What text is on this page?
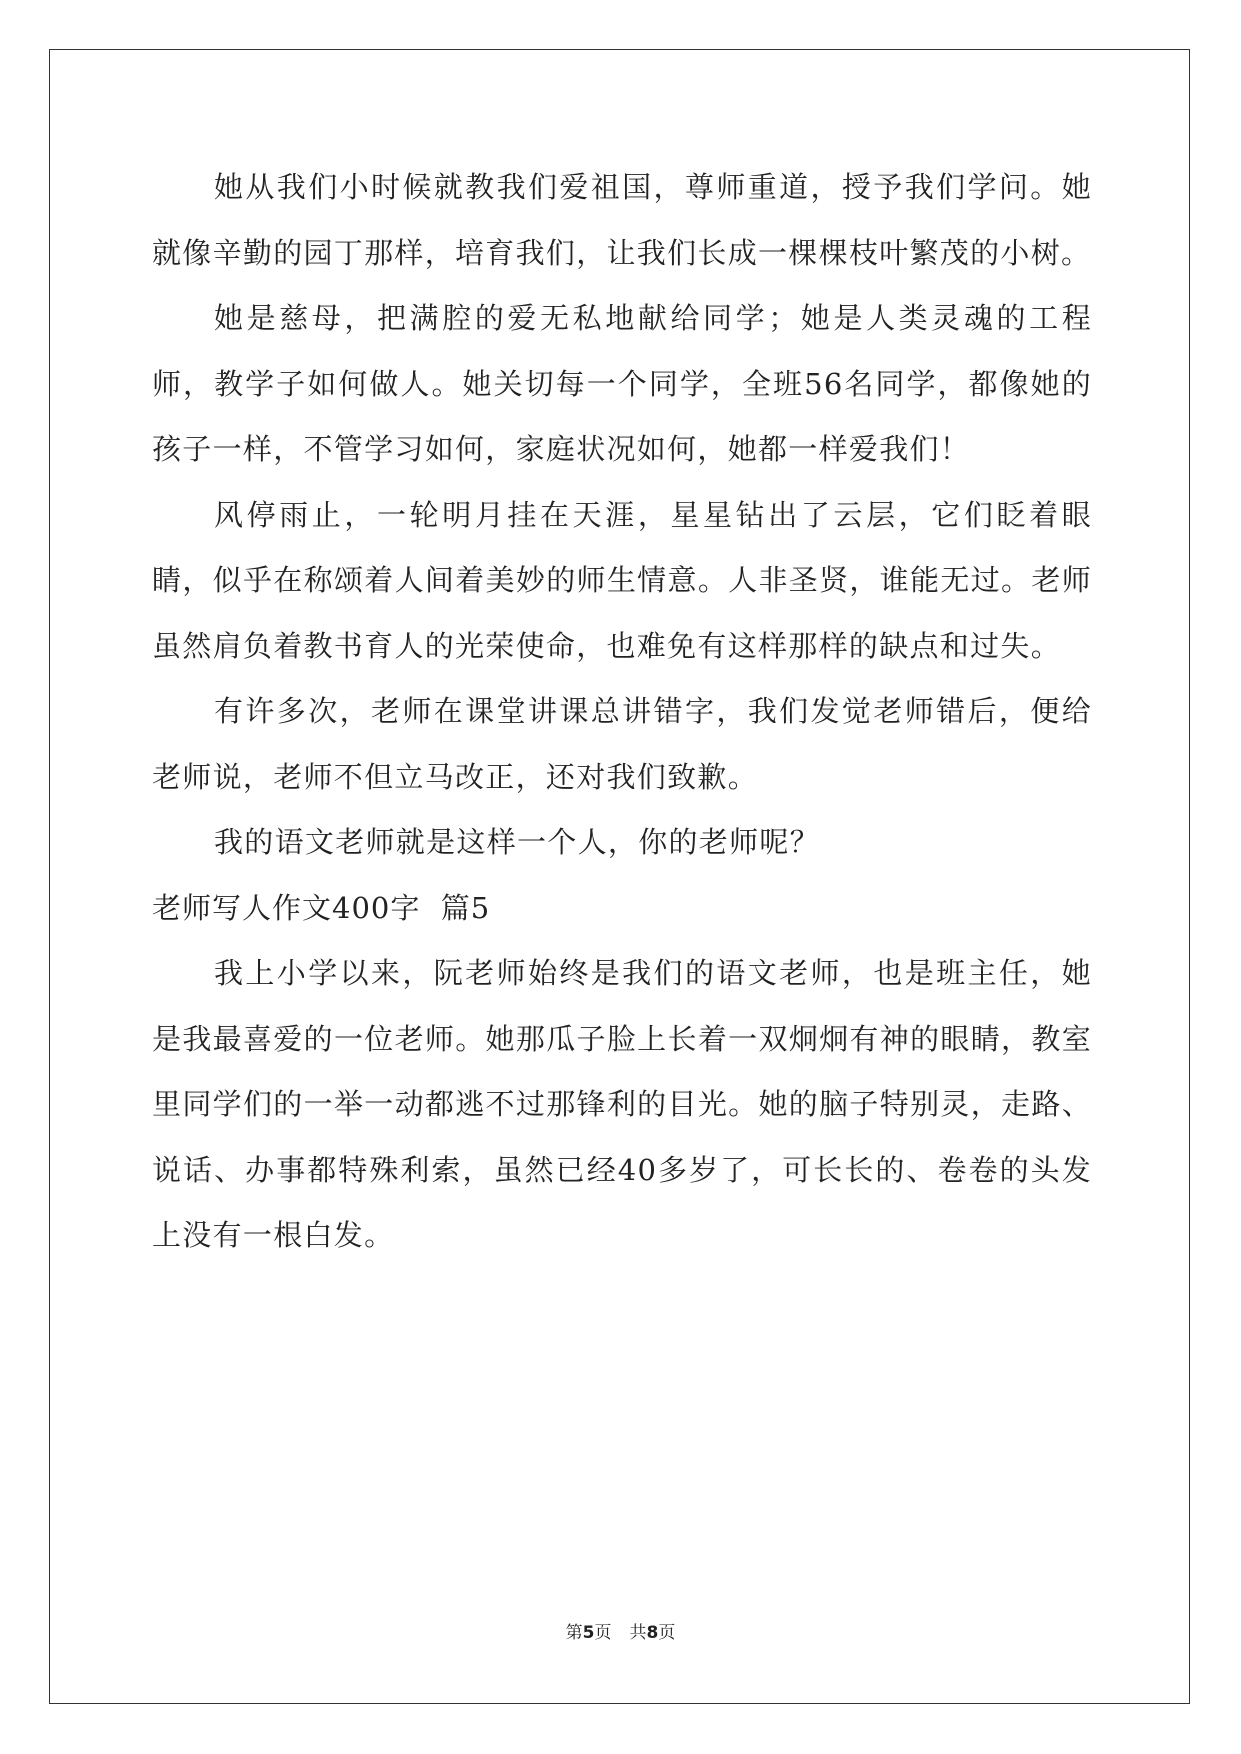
她从我们小时候就教我们爱祖国，尊师重道，授予我们学问。她就像辛勤的园丁那样，培育我们，让我们长成一棵棵枝叶繁茂的小树。

她是慈母，把满腔的爱无私地献给同学；她是人类灵魂的工程师，教学子如何做人。她关切每一个同学，全班56名同学，都像她的孩子一样，不管学习如何，家庭状况如何，她都一样爱我们！

风停雨止，一轮明月挂在天涯，星星钻出了云层，它们眨着眼睛，似乎在称颂着人间着美妙的师生情意。人非圣贤，谁能无过。老师虽然肩负着教书育人的光荣使命，也难免有这样那样的缺点和过失。

有许多次，老师在课堂讲课总讲错字，我们发觉老师错后，便给老师说，老师不但立马改正，还对我们致歉。

我的语文老师就是这样一个人，你的老师呢？

老师写人作文400字  篇5

我上小学以来，阮老师始终是我们的语文老师，也是班主任，她是我最喜爱的一位老师。她那瓜子脸上长着一双炯炯有神的眼睛，教室里同学们的一举一动都逃不过那锋利的目光。她的脑子特别灵，走路、说话、办事都特殊利索，虽然已经40多岁了，可长长的、卷卷的头发上没有一根白发。

第5页 共8页
